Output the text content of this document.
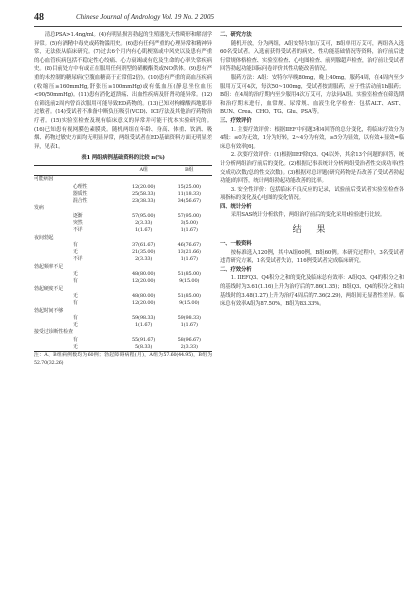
48	Chinese Journal of Andrology Vol. 19 No. 2 2005

清总PSA>1.4ng/ml。(4)有明显损害勃起的生殖器先天性畸形和解剖学异常。(5)有酒精中毒史或药物滥用史。(6)患有任何严重的心理异常和精神异常，无法依从临床研究。(7)过去6个月内有心肌梗塞或中风史以及患有严重的心血管疾病包括不稳定性心绞痛、心力衰竭或有危及生命的心率失常疾病史。(8)目前处方中有或正在服用任何剂型的硝酸酯类或NO供体。(9)患有严重的未控制的糖尿病(空腹血糖高于正常值2倍)。(10)患有严重的高血压疾病(收缩压≥160mmHg,舒张压≥100mmHg)或有低血压(静息坐位血压<90/50mmHg)。(11)患有消化道溃疡、出血性疾病及肝肾功能异常。(12)在筛选前2周内曾首次服用可能导致ED药物的。(13)已知对枸橼酸西地那非过敏者。(14)受试者不准备中断负压吸引(VCD)、ICI疗法及其他治疗药物治疗者。(15)实验室检查及现有临床意义的异常并可能干扰本实验研究的。(16)已知患有视网膜色素膜炎。随机两组在年龄、身高、体重、饮酒、吸烟、药物过敏史方面均无明显异常，两组受试者在ED基础资料方面无明显差异，见表1。

表1 两组病例基础资料的比较 n(%)

		A组	B组
可能病因			
	心理性	12(20.00)	15(25.00)
	器质性	25(58.33)	11(18.33)
	混合性	23(38.33)	34(56.67)
发病			
	逐渐	57(95.00)	57(95.00)
	突然	2(3.33)	3(5.00)
	不详	1(1.67)	1(1.67)
夜间勃起			
	有	37(61.67)	46(76.67)
	无	21(35.00)	13(21.66)
	不详	2(3.33)	1(1.67)
勃起频率不足			
	无	48(80.00)	51(85.00)
	有	12(20.00)	9(15.00)
勃起硬度不足			
	无	48(80.00)	51(85.00)
	有	12(20.00)	9(15.00)
勃起时间不够			
	有	59(98.33)	59(98.33)
	无	1(1.67)	1(1.67)
接受过诊断性检查			
	有	55(91.67)	58(96.67)
	无	5(8.33)	2(3.33)

注：A、B组病例数均为60例；勃起障碍病程(月)，A组为57.60(44.95)，B组为52.70(32.26)

二、研究方法

随机开放，分为两组，A组安特尔加万艾可，B组单用万艾可，两组各入选60名受试者。入选前获得受试者的病史、性功能基础情况等资料，治疗前后进行常规体格检查、实验室检查、心电图检查、前列腺超声检查，治疗前让受试者回答勃起功能国际问卷评价其性功能改善情况。

服药方法：A组：安特尔早晚80mg，晚上40mg，服药4周，在4周内至少服用万艾可4次，每次50~100mg，受试者按需服药，应于性活动前1h服药；B组：在4周的治疗期内至少服用4次万艾可，方法同A组。实验室检查在筛选期和治疗期末进行，血常规、尿常规、血液生化学检查：包括ALT、AST、BUN、Crea、CHO、TG、Glu、PSA等。

三、疗效评价

1. 主要疗效评价：根据IIEF中问题3和4回答的总分变化，将临床疗效分为4级：≤0为无效，1分为好转，2~4分为有效，≥5分为显效，以有效+显效=临床总有效率[6]。

2. 次要疗效评价：(1)根据IIEF除Q3、Q4以外，其余13个问题的回答，统计分析两组治疗前后的变化。(2)根据记事表统计分析两组受治者性交成功率(性交成功次数/总的性交次数)。(3)根据对总评题(研究药物是否改善了受试者勃起功能)的回答，统计两组勃起功能改善的比率。

3. 安全性评价：包括临床不良反应的记录，试验前后受试者实验室检查各项指标的变化及心电图的变化情况。

四、统计分析

采用SAS统计分析软件，两组治疗前后的变化采用t检验进行比较。

结 果

一、一般资料

按标准选入120例，其中A组60例，B组60例。本研究过程中，3名受试者违背研究方案，1名受试者失访，116例受试者完成临床研究。

二、疗效分析

1. IIEFQ3、Q4积分之和的变化及临床总有效率：A组Q3、Q4的积分之和的基线时为3.61(1.16)上升为治疗后的7.86(1.35)；B组Q3、Q4的积分之和由基线时的3.48(1.27)上升为治疗4周后的7.36(2.29)，两组间无显著性差异。临床总有效率A组为87.50%，B组为83.33%。
